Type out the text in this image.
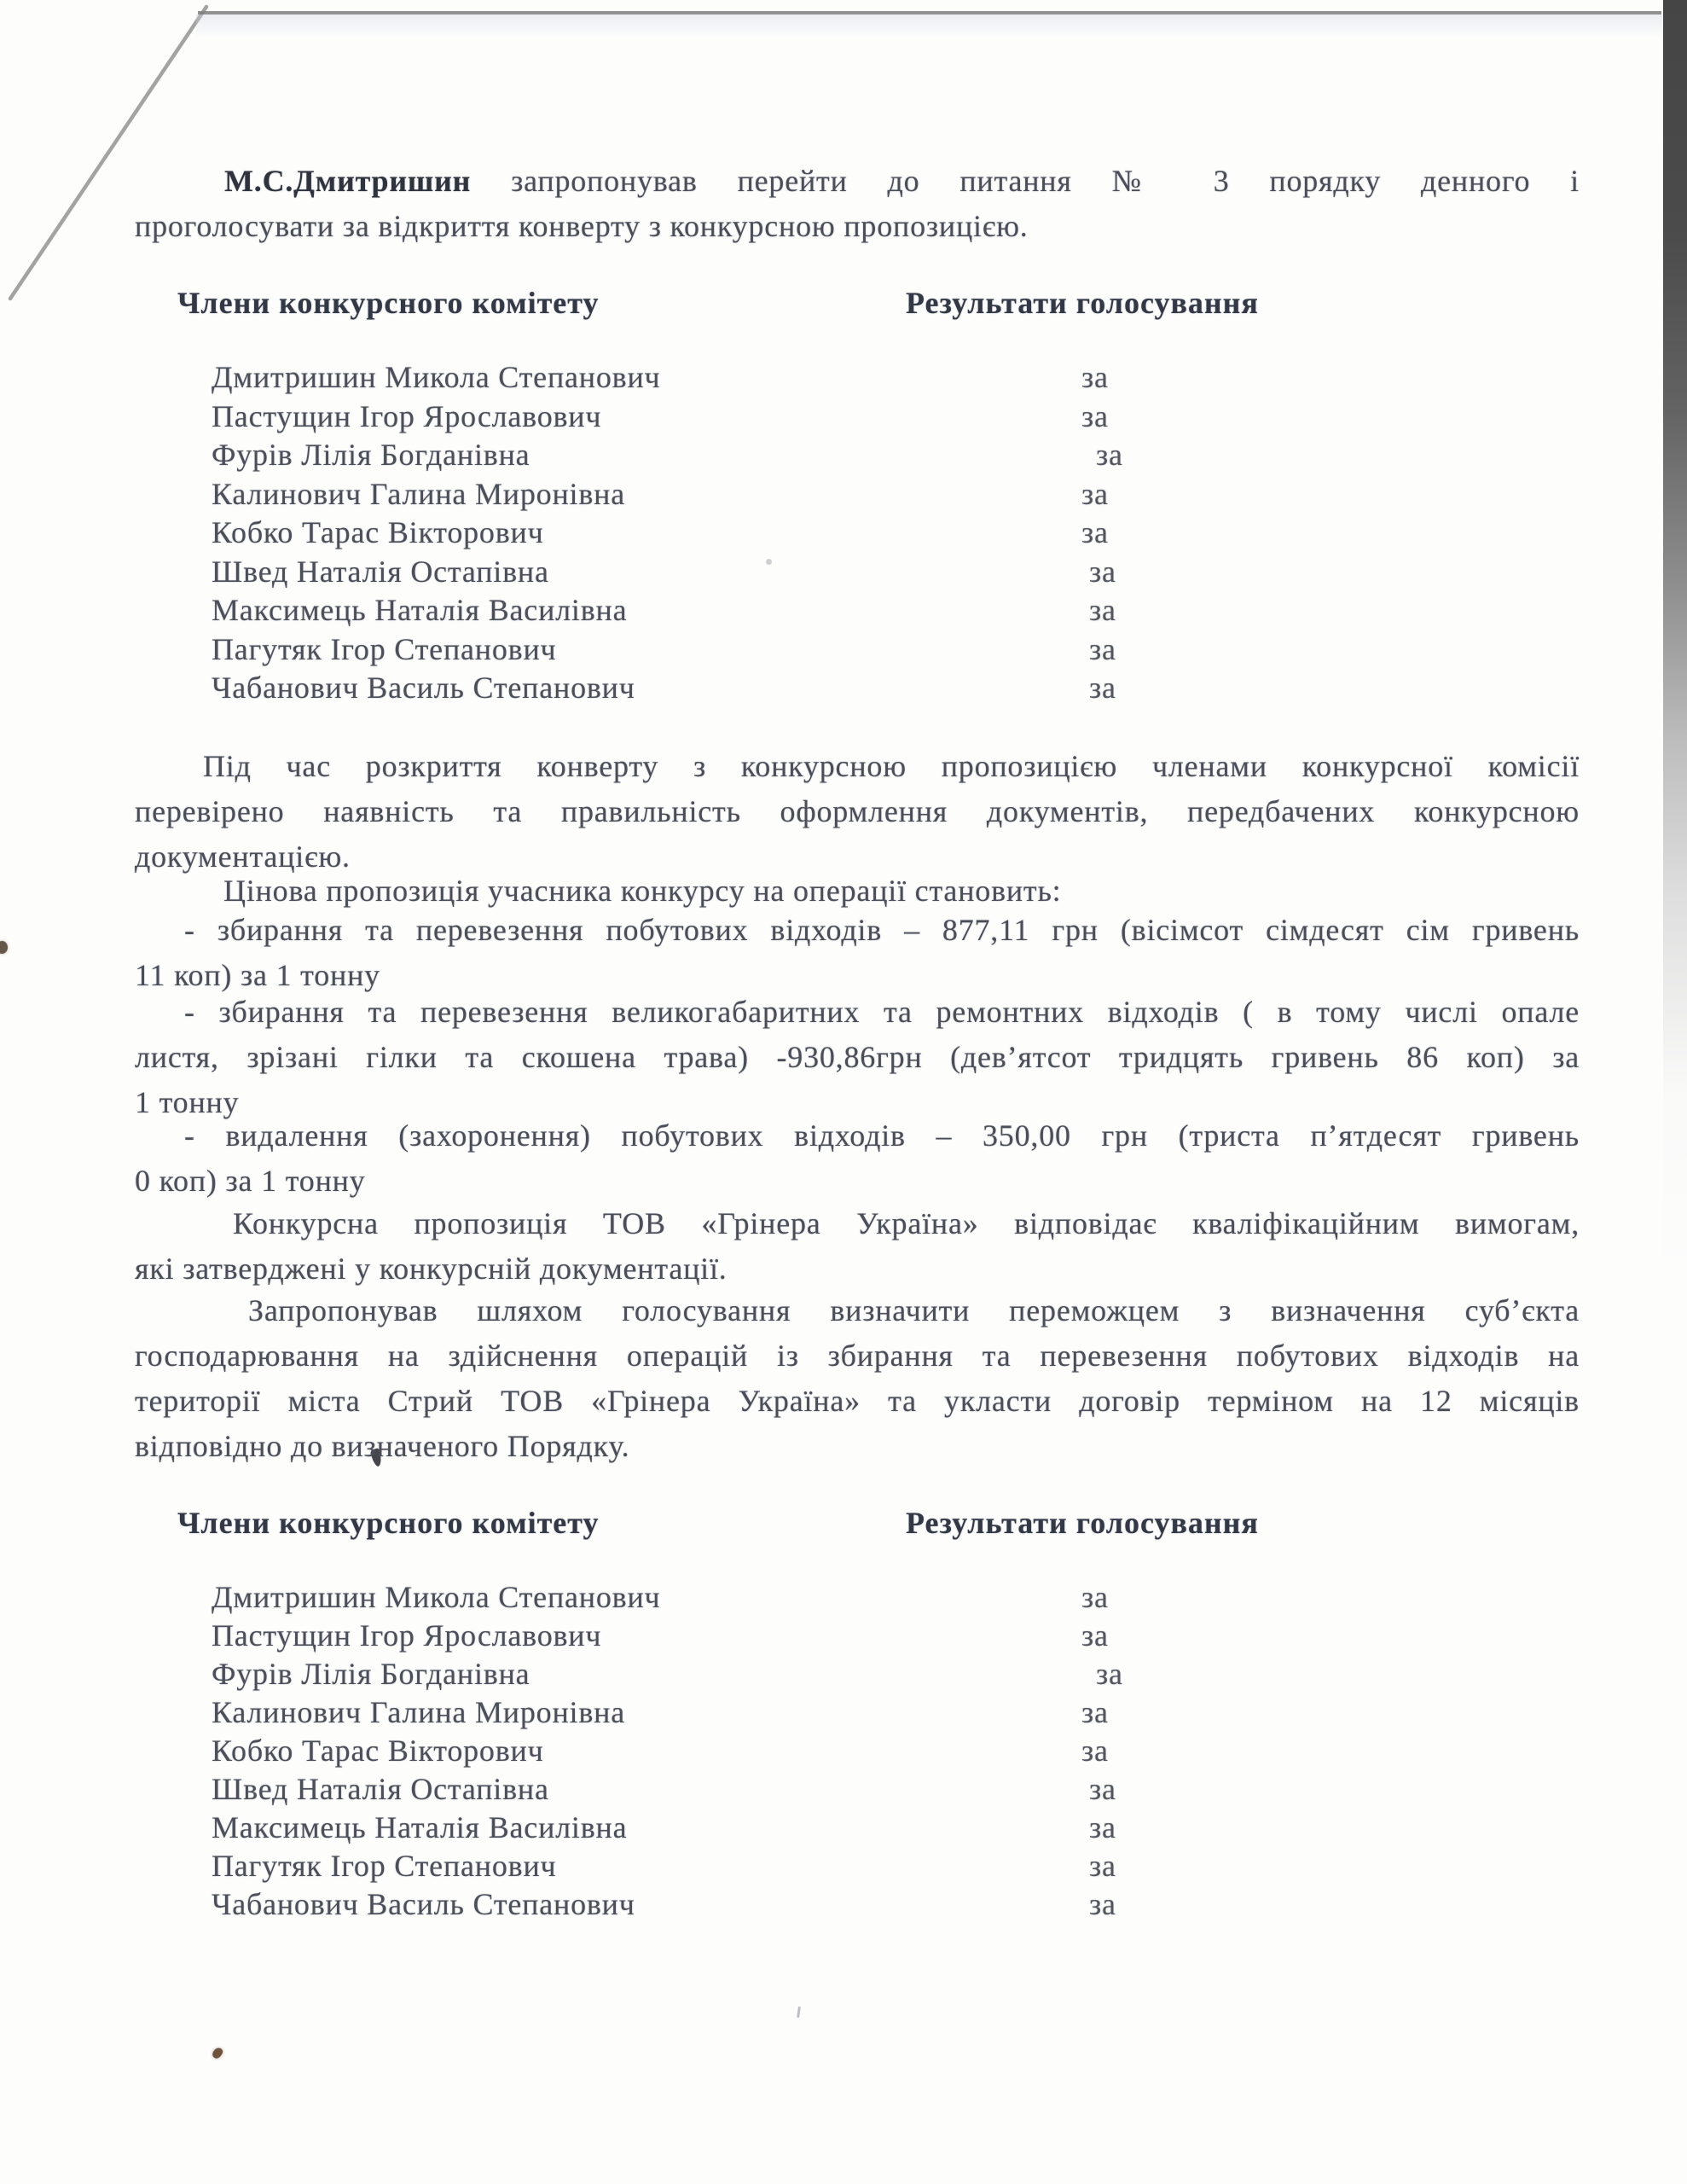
М.С.Дмитришин запропонував перейти до питання № 3 порядку денного і
проголосувати за відкриття конверту з конкурсною пропозицією.
Члени конкурсного комітету	Результати голосування
Дмитришин Микола Степанович	за
Пастущин Ігор Ярославович	за
Фурів Лілія Богданівна	за
Калинович Галина Миронівна	за
Кобко Тарас Вікторович	за
Швед Наталія Остапівна	за
Максимець Наталія Василівна	за
Пагутяк Ігор Степанович	за
Чабанович Василь Степанович	за
Під час розкриття конверту з конкурсною пропозицією членами конкурсної комісії
перевірено наявність та правильність оформлення документів, передбачених конкурсною
документацією.
Цінова пропозиція учасника конкурсу на операції становить:
- збирання та перевезення побутових відходів – 877,11 грн (вісімсот сімдесят сім гривень
11 коп) за 1 тонну
- збирання та перевезення великогабаритних та ремонтних відходів ( в тому числі опале
листя, зрізані гілки та скошена трава) -930,86грн (дев’ятсот тридцять гривень 86 коп) за
1 тонну
- видалення (захоронення) побутових відходів – 350,00 грн (триста п’ятдесят гривень
0 коп) за 1 тонну
Конкурсна пропозиція ТОВ «Грінера Україна» відповідає кваліфікаційним вимогам,
які затверджені у конкурсній документації.
Запропонував шляхом голосування визначити переможцем з визначення суб’єкта
господарювання на здійснення операцій із збирання та перевезення побутових відходів на
території міста Стрий ТОВ «Грінера Україна» та укласти договір терміном на 12 місяців
відповідно до визначеного Порядку.
Члени конкурсного комітету	Результати голосування
Дмитришин Микола Степанович	за
Пастущин Ігор Ярославович	за
Фурів Лілія Богданівна	за
Калинович Галина Миронівна	за
Кобко Тарас Вікторович	за
Швед Наталія Остапівна	за
Максимець Наталія Василівна	за
Пагутяк Ігор Степанович	за
Чабанович Василь Степанович	за
